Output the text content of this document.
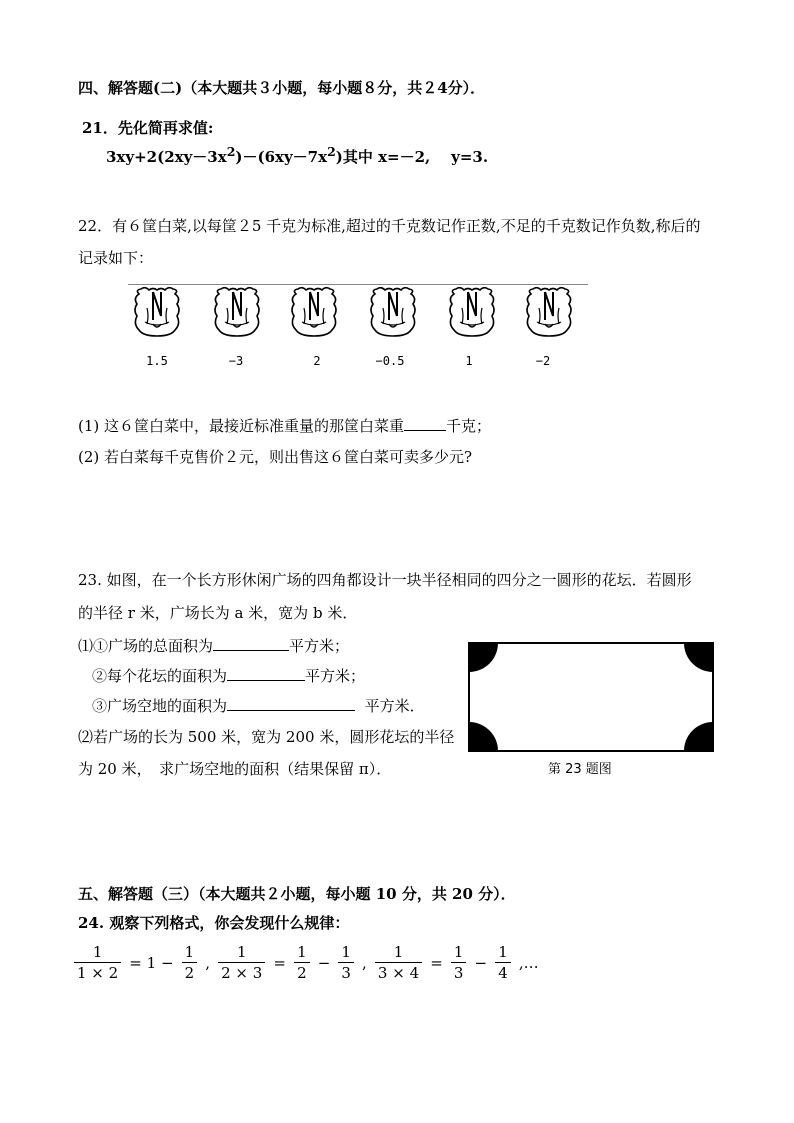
四、解答题(二)（本大题共３小题，每小题８分，共２4分）．
21．先化简再求值:
$3xy+2(2xy-3x^2)-(6xy-7x^2)$其中 x=－2,    y=3.
22．有６筐白菜,以每筐２5 千克为标准,超过的千克数记作正数,不足的千克数记作负数,称后的
记录如下：
1.5	−3	2	−0.5	1	−2
(1) 这６筐白菜中，最接近标准重量的那筐白菜重	千克；
(2) 若白菜每千克售价２元，则出售这６筐白菜可卖多少元?
23. 如图，在一个长方形休闲广场的四角都设计一块半径相同的四分之一圆形的花坛．若圆形
的半径 r 米，广场长为 a 米，宽为 b 米．
⑴①广场的总面积为	平方米；
②每个花坛的面积为	平方米；
③广场空地的面积为	平方米．
⑵若广场的长为 500 米，宽为 200 米，圆形花坛的半径
为 20 米，　求广场空地的面积（结果保留 π）．	第 23 题图
五、解答题（三）（本大题共２小题，每小题 10 分，共 20 分）．
24. 观察下列格式，你会发现什么规律：
$\frac{1}{1 \times 2} = 1 - \frac{1}{2}$ , $\frac{1}{2 \times 3} = \frac{1}{2} - \frac{1}{3}$ , $\frac{1}{3 \times 4} = \frac{1}{3} - \frac{1}{4}$ ,…
